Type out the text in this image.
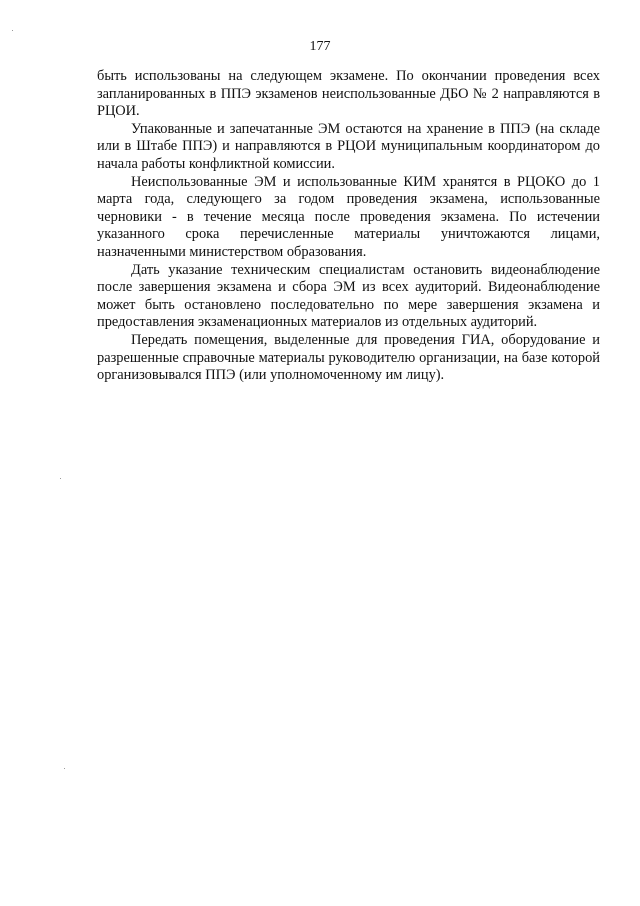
177

быть использованы на следующем экзамене. По окончании проведения всех запланированных в ППЭ экзаменов неиспользованные ДБО № 2 направляются в РЦОИ.

Упакованные и запечатанные ЭМ остаются на хранение в ППЭ (на складе или в Штабе ППЭ) и направляются в РЦОИ муниципальным координатором до начала работы конфликтной комиссии.

Неиспользованные ЭМ и использованные КИМ хранятся в РЦОКО до 1 марта года, следующего за годом проведения экзамена, использованные черновики - в течение месяца после проведения экзамена. По истечении указанного срока перечисленные материалы уничтожаются лицами, назначенными министерством образования.

Дать указание техническим специалистам остановить видеонаблюдение после завершения экзамена и сбора ЭМ из всех аудиторий. Видеонаблюдение может быть остановлено последовательно по мере завершения экзамена и предоставления экзаменационных материалов из отдельных аудиторий.

Передать помещения, выделенные для проведения ГИА, оборудование и разрешенные справочные материалы руководителю организации, на базе которой организовывался ППЭ (или уполномоченному им лицу).
